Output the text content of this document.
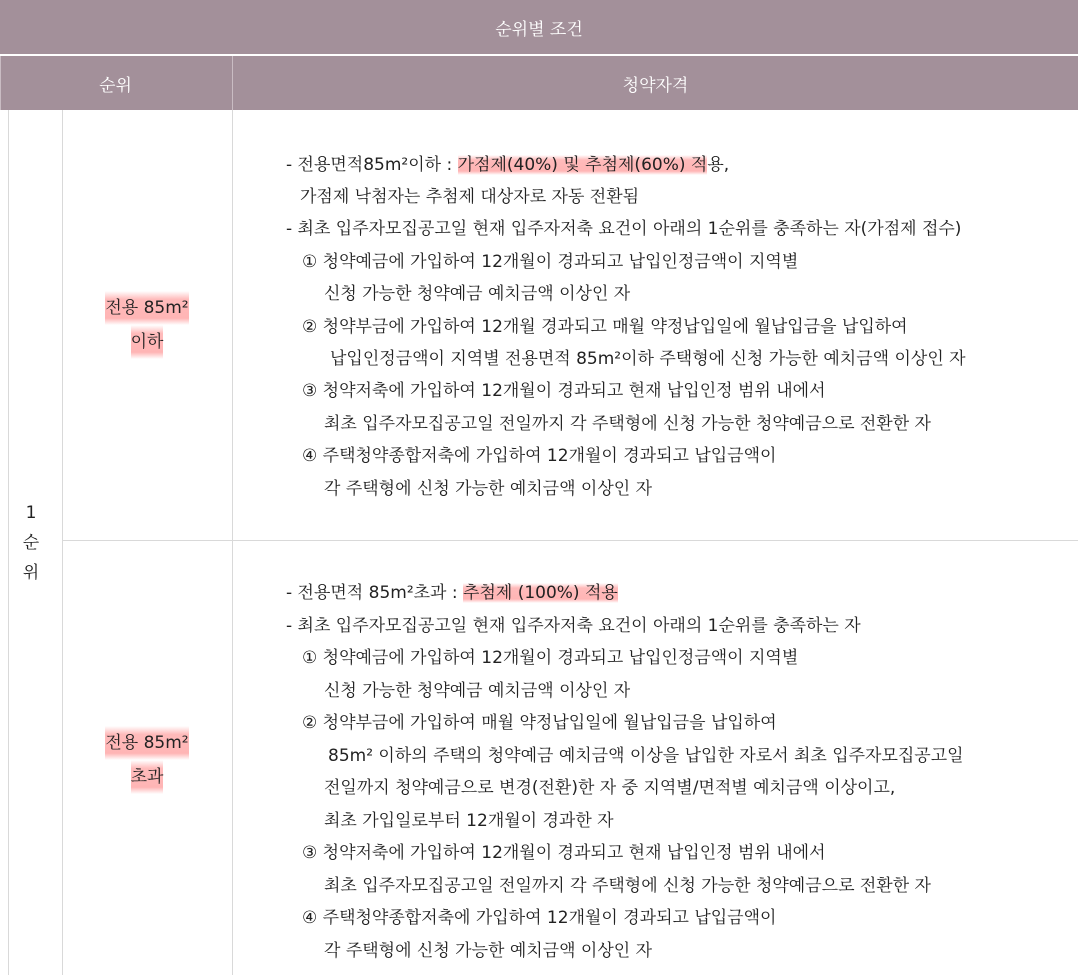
순위별 조건
순위	청약자격
1순위
전용 85m²
이하
- 전용면적85m²이하 : 가점제(40%) 및 추첨제(60%) 적용,
가점제 낙첨자는 추첨제 대상자로 자동 전환됨
- 최초 입주자모집공고일 현재 입주자저축 요건이 아래의 1순위를 충족하는 자(가점제 접수)
① 청약예금에 가입하여 12개월이 경과되고 납입인정금액이 지역별
신청 가능한 청약예금 예치금액 이상인 자
② 청약부금에 가입하여 12개월 경과되고 매월 약정납입일에 월납입금을 납입하여
납입인정금액이 지역별 전용면적 85m²이하 주택형에 신청 가능한 예치금액 이상인 자
③ 청약저축에 가입하여 12개월이 경과되고 현재 납입인정 범위 내에서
최초 입주자모집공고일 전일까지 각 주택형에 신청 가능한 청약예금으로 전환한 자
④ 주택청약종합저축에 가입하여 12개월이 경과되고 납입금액이
각 주택형에 신청 가능한 예치금액 이상인 자
전용 85m²
초과
- 전용면적 85m²초과 : 추첨제 (100%) 적용
- 최초 입주자모집공고일 현재 입주자저축 요건이 아래의 1순위를 충족하는 자
① 청약예금에 가입하여 12개월이 경과되고 납입인정금액이 지역별
신청 가능한 청약예금 예치금액 이상인 자
② 청약부금에 가입하여 매월 약정납입일에 월납입금을 납입하여
85m² 이하의 주택의 청약예금 예치금액 이상을 납입한 자로서 최초 입주자모집공고일
전일까지 청약예금으로 변경(전환)한 자 중 지역별/면적별 예치금액 이상이고,
최초 가입일로부터 12개월이 경과한 자
③ 청약저축에 가입하여 12개월이 경과되고 현재 납입인정 범위 내에서
최초 입주자모집공고일 전일까지 각 주택형에 신청 가능한 청약예금으로 전환한 자
④ 주택청약종합저축에 가입하여 12개월이 경과되고 납입금액이
각 주택형에 신청 가능한 예치금액 이상인 자
